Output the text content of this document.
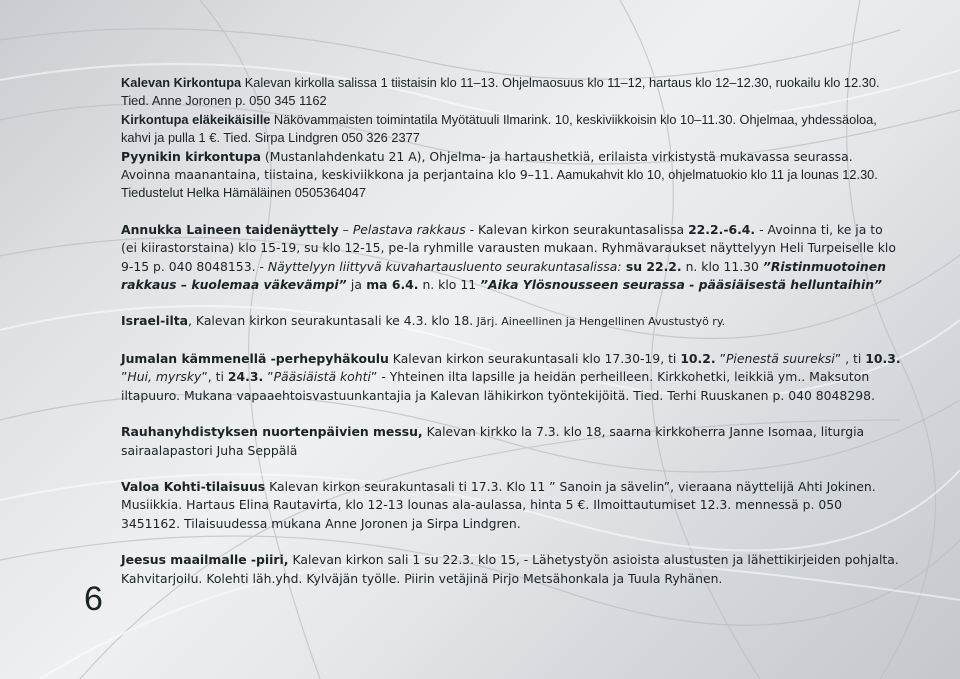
Kalevan Kirkontupa Kalevan kirkolla salissa 1 tiistaisin klo 11–13. Ohjelmaosuus klo 11–12, hartaus klo 12–12.30, ruokailu klo 12.30. Tied. Anne Joronen p. 050 345 1162

Kirkontupa eläkeikäisille Näkövammaisten toimintatila Myötätuuli Ilmarink. 10, keskiviikkoisin klo 10–11.30. Ohjelmaa, yhdessäoloa, kahvi ja pulla 1 €. Tied. Sirpa Lindgren 050 326 2377

Pyynikin kirkontupa (Mustanlahdenkatu 21 A), Ohjelma- ja hartaushetkiä, erilaista virkistystä mukavassa seurassa. Avoinna maanantaina, tiistaina, keskiviikkona ja perjantaina klo 9–11. Aamukahvit klo 10, ohjelmatuokio klo 11 ja lounas 12.30. Tiedustelut Helka Hämäläinen 0505364047

Annukka Laineen taidenäyttely – Pelastava rakkaus - Kalevan kirkon seurakuntasalissa 22.2.-6.4. - Avoinna ti, ke ja to (ei kiirastorstaina) klo 15-19, su klo 12-15, pe-la ryhmille varausten mukaan. Ryhmävaraukset näyttelyyn Heli Turpeiselle klo 9-15 p. 040 8048153. - Näyttelyyn liittyvä kuvahartausluento seurakuntasalissa: su 22.2. n. klo 11.30 ”Ristinmuotoinen rakkaus – kuolemaa väkevämpi” ja ma 6.4. n. klo 11 ”Aika Ylösnousseen seurassa - pääsiäisestä helluntaihin”

Israel-ilta, Kalevan kirkon seurakuntasali ke 4.3. klo 18. Järj. Aineellinen ja Hengellinen Avustustyö ry.

Jumalan kämmenellä -perhepyhäkoulu Kalevan kirkon seurakuntasali klo 17.30-19, ti 10.2. ”Pienestä suureksi” , ti 10.3. ”Hui, myrsky”, ti 24.3. ”Pääsiäistä kohti” - Yhteinen ilta lapsille ja heidän perheilleen. Kirkkohetki, leikkiä ym.. Maksuton iltapuuro. Mukana vapaaehtoisvastuunkantajia ja Kalevan lähikirkon työntekijöitä. Tied. Terhi Ruuskanen p. 040 8048298.

Rauhanyhdistyksen nuortenpäivien messu, Kalevan kirkko la 7.3. klo 18, saarna kirkkoherra Janne Isomaa, liturgia sairaalapastori Juha Seppälä

Valoa Kohti-tilaisuus Kalevan kirkon seurakuntasali ti 17.3. Klo 11 ” Sanoin ja sävelin”, vieraana näyttelijä Ahti Jokinen. Musiikkia. Hartaus Elina Rautavirta, klo 12-13 lounas ala-aulassa, hinta 5 €. Ilmoittautumiset 12.3. mennessä p. 050 3451162. Tilaisuudessa mukana Anne Joronen ja Sirpa Lindgren.

Jeesus maailmalle -piiri, Kalevan kirkon sali 1 su 22.3. klo 15, - Lähetystyön asioista alustusten ja lähettikirjeiden pohjalta. Kahvitarjoilu. Kolehti läh.yhd. Kylväjän työlle. Piirin vetäjinä Pirjo Metsähonkala ja Tuula Ryhänen.

6
